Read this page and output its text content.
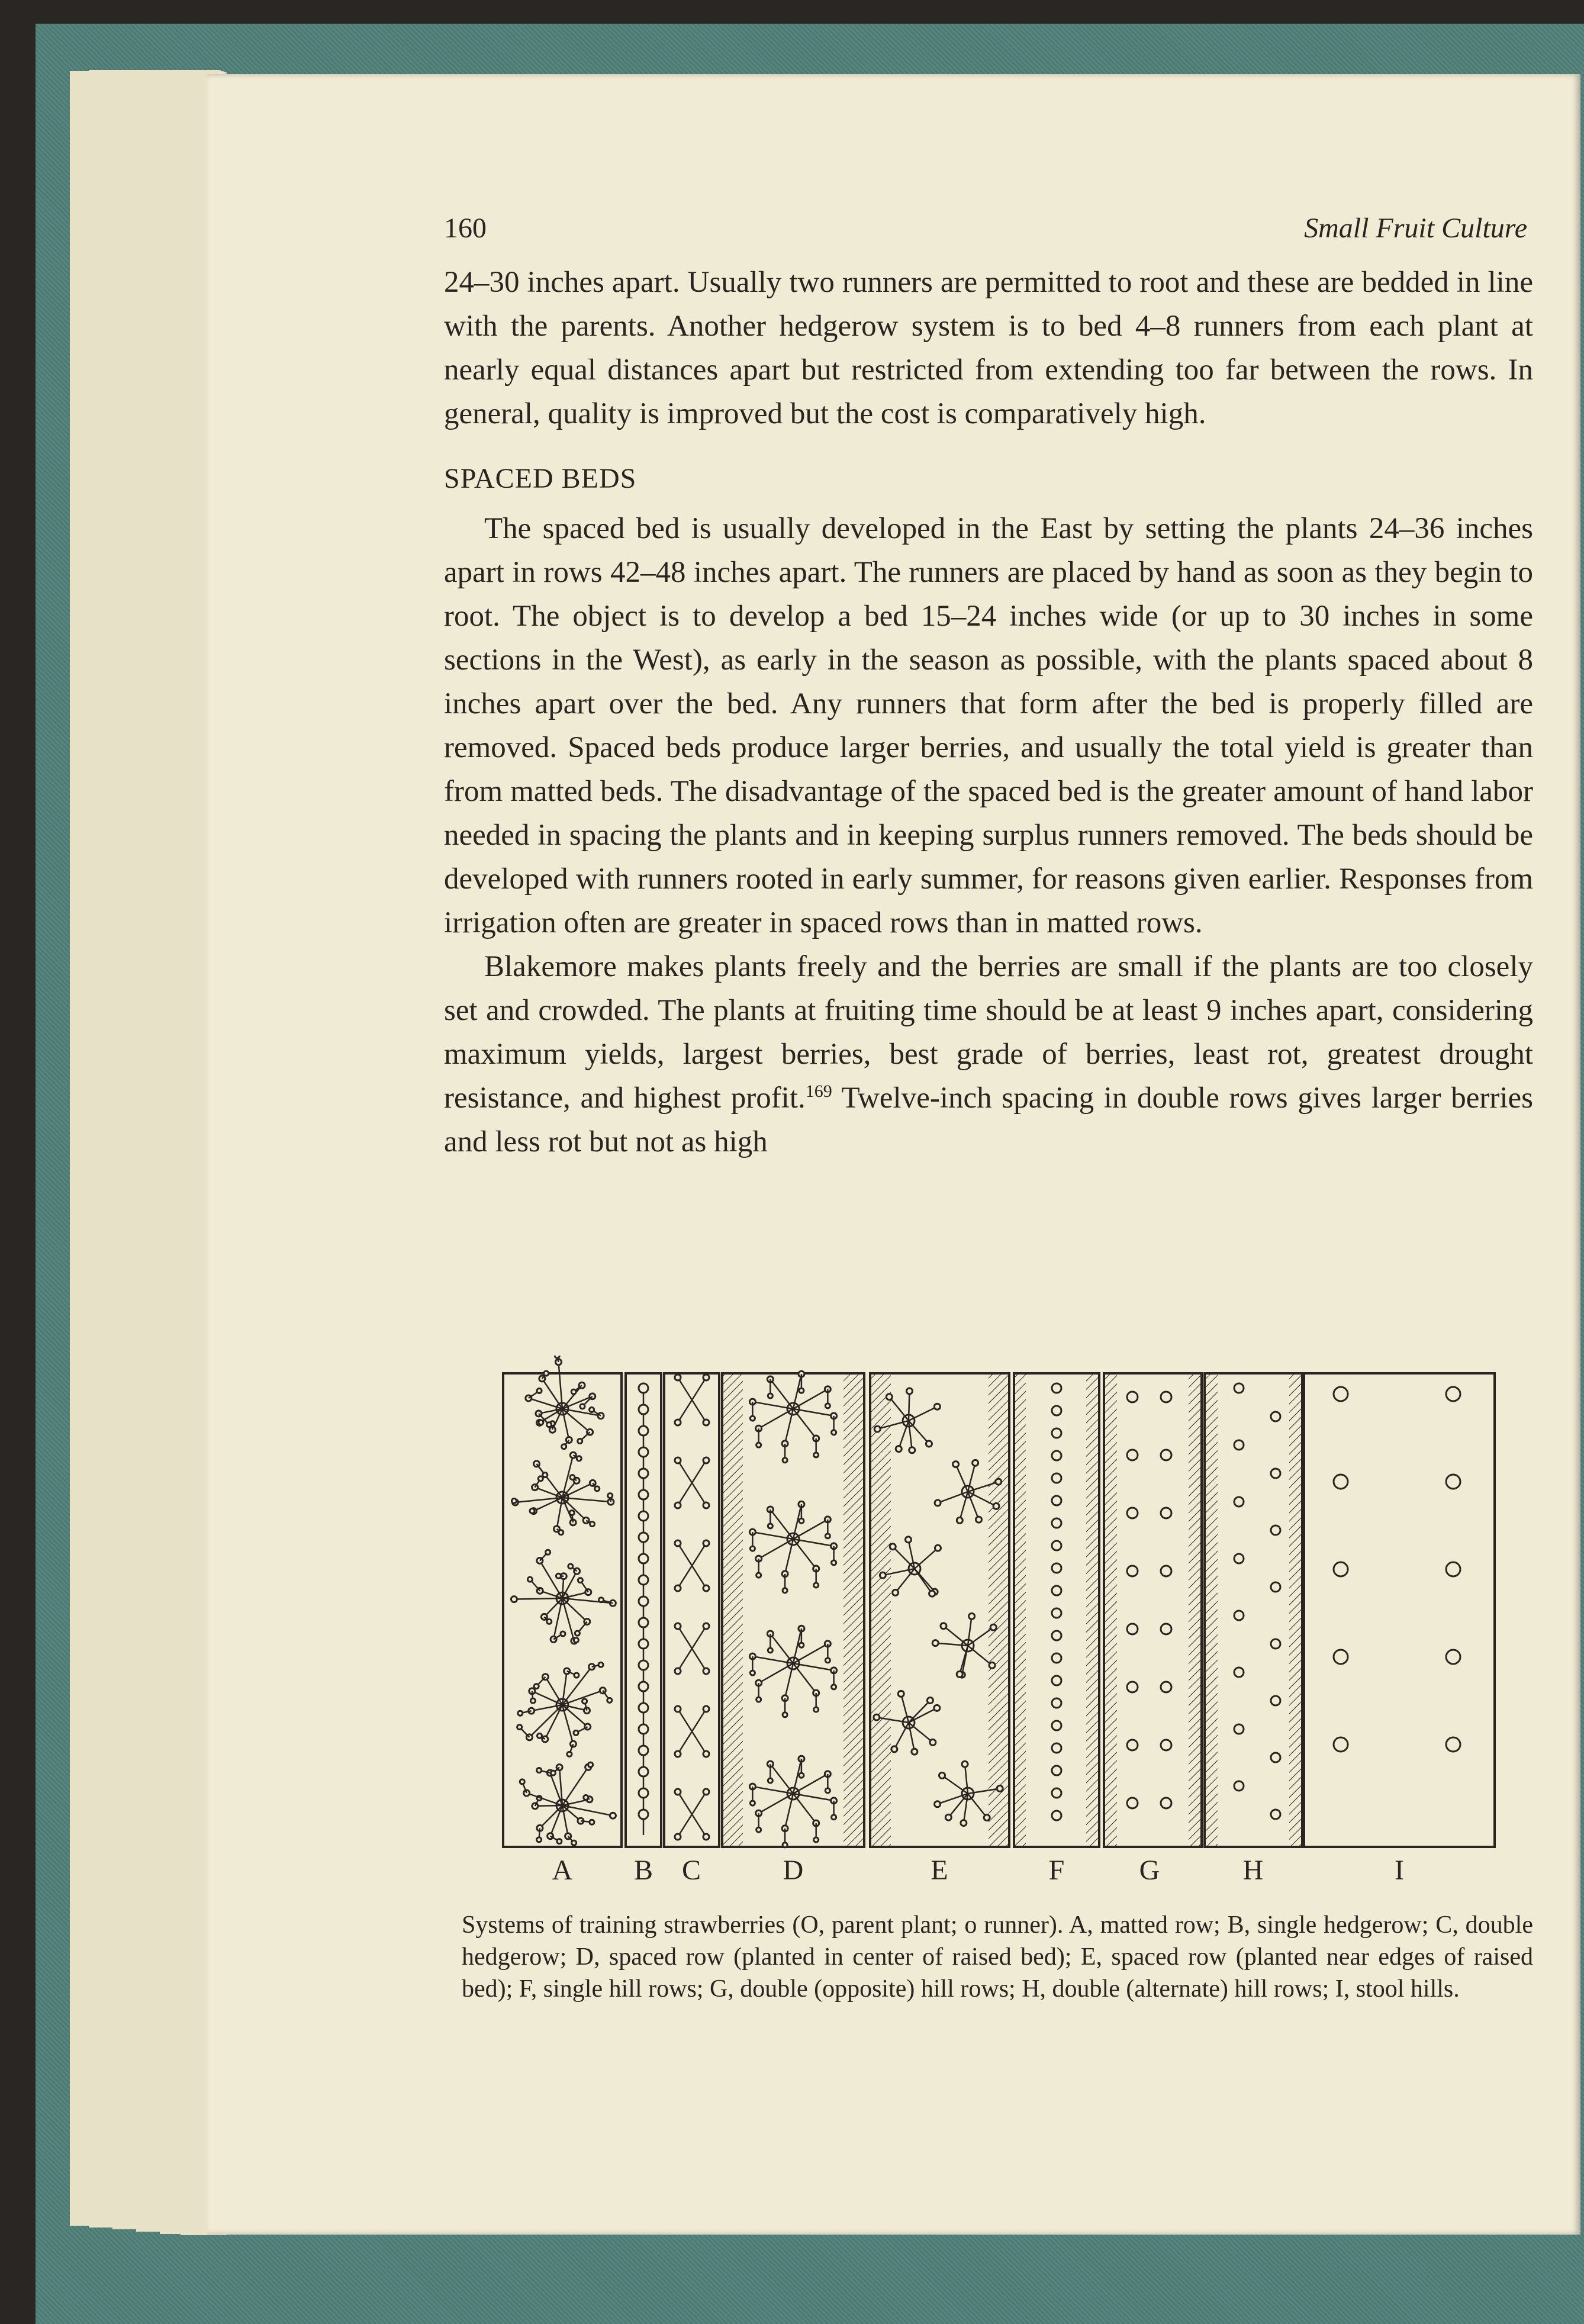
160	Small Fruit Culture

24–30 inches apart. Usually two runners are permitted to root and these are bedded in line with the parents. Another hedgerow system is to bed 4–8 runners from each plant at nearly equal distances apart but restricted from extending too far between the rows. In general, quality is improved but the cost is comparatively high.

SPACED BEDS

The spaced bed is usually developed in the East by setting the plants 24–36 inches apart in rows 42–48 inches apart. The runners are placed by hand as soon as they begin to root. The object is to develop a bed 15–24 inches wide (or up to 30 inches in some sections in the West), as early in the season as possible, with the plants spaced about 8 inches apart over the bed. Any runners that form after the bed is properly filled are removed. Spaced beds produce larger berries, and usually the total yield is greater than from matted beds. The disadvantage of the spaced bed is the greater amount of hand labor needed in spacing the plants and in keeping surplus runners removed. The beds should be developed with runners rooted in early summer, for reasons given earlier. Responses from irrigation often are greater in spaced rows than in matted rows.

Blakemore makes plants freely and the berries are small if the plants are too closely set and crowded. The plants at fruiting time should be at least 9 inches apart, considering maximum yields, largest berries, best grade of berries, least rot, greatest drought resistance, and highest profit.$^{169}$ Twelve-inch spacing in double rows gives larger berries and less rot but not as high

A B C	D	E	F	G	H	I
Systems of training strawberries (O, parent plant; o runner). A, matted row; B, single hedgerow; C, double hedgerow; D, spaced row (planted in center of raised bed); E, spaced row (planted near edges of raised bed); F, single hill rows; G, double (opposite) hill rows; H, double (alternate) hill rows; I, stool hills.
